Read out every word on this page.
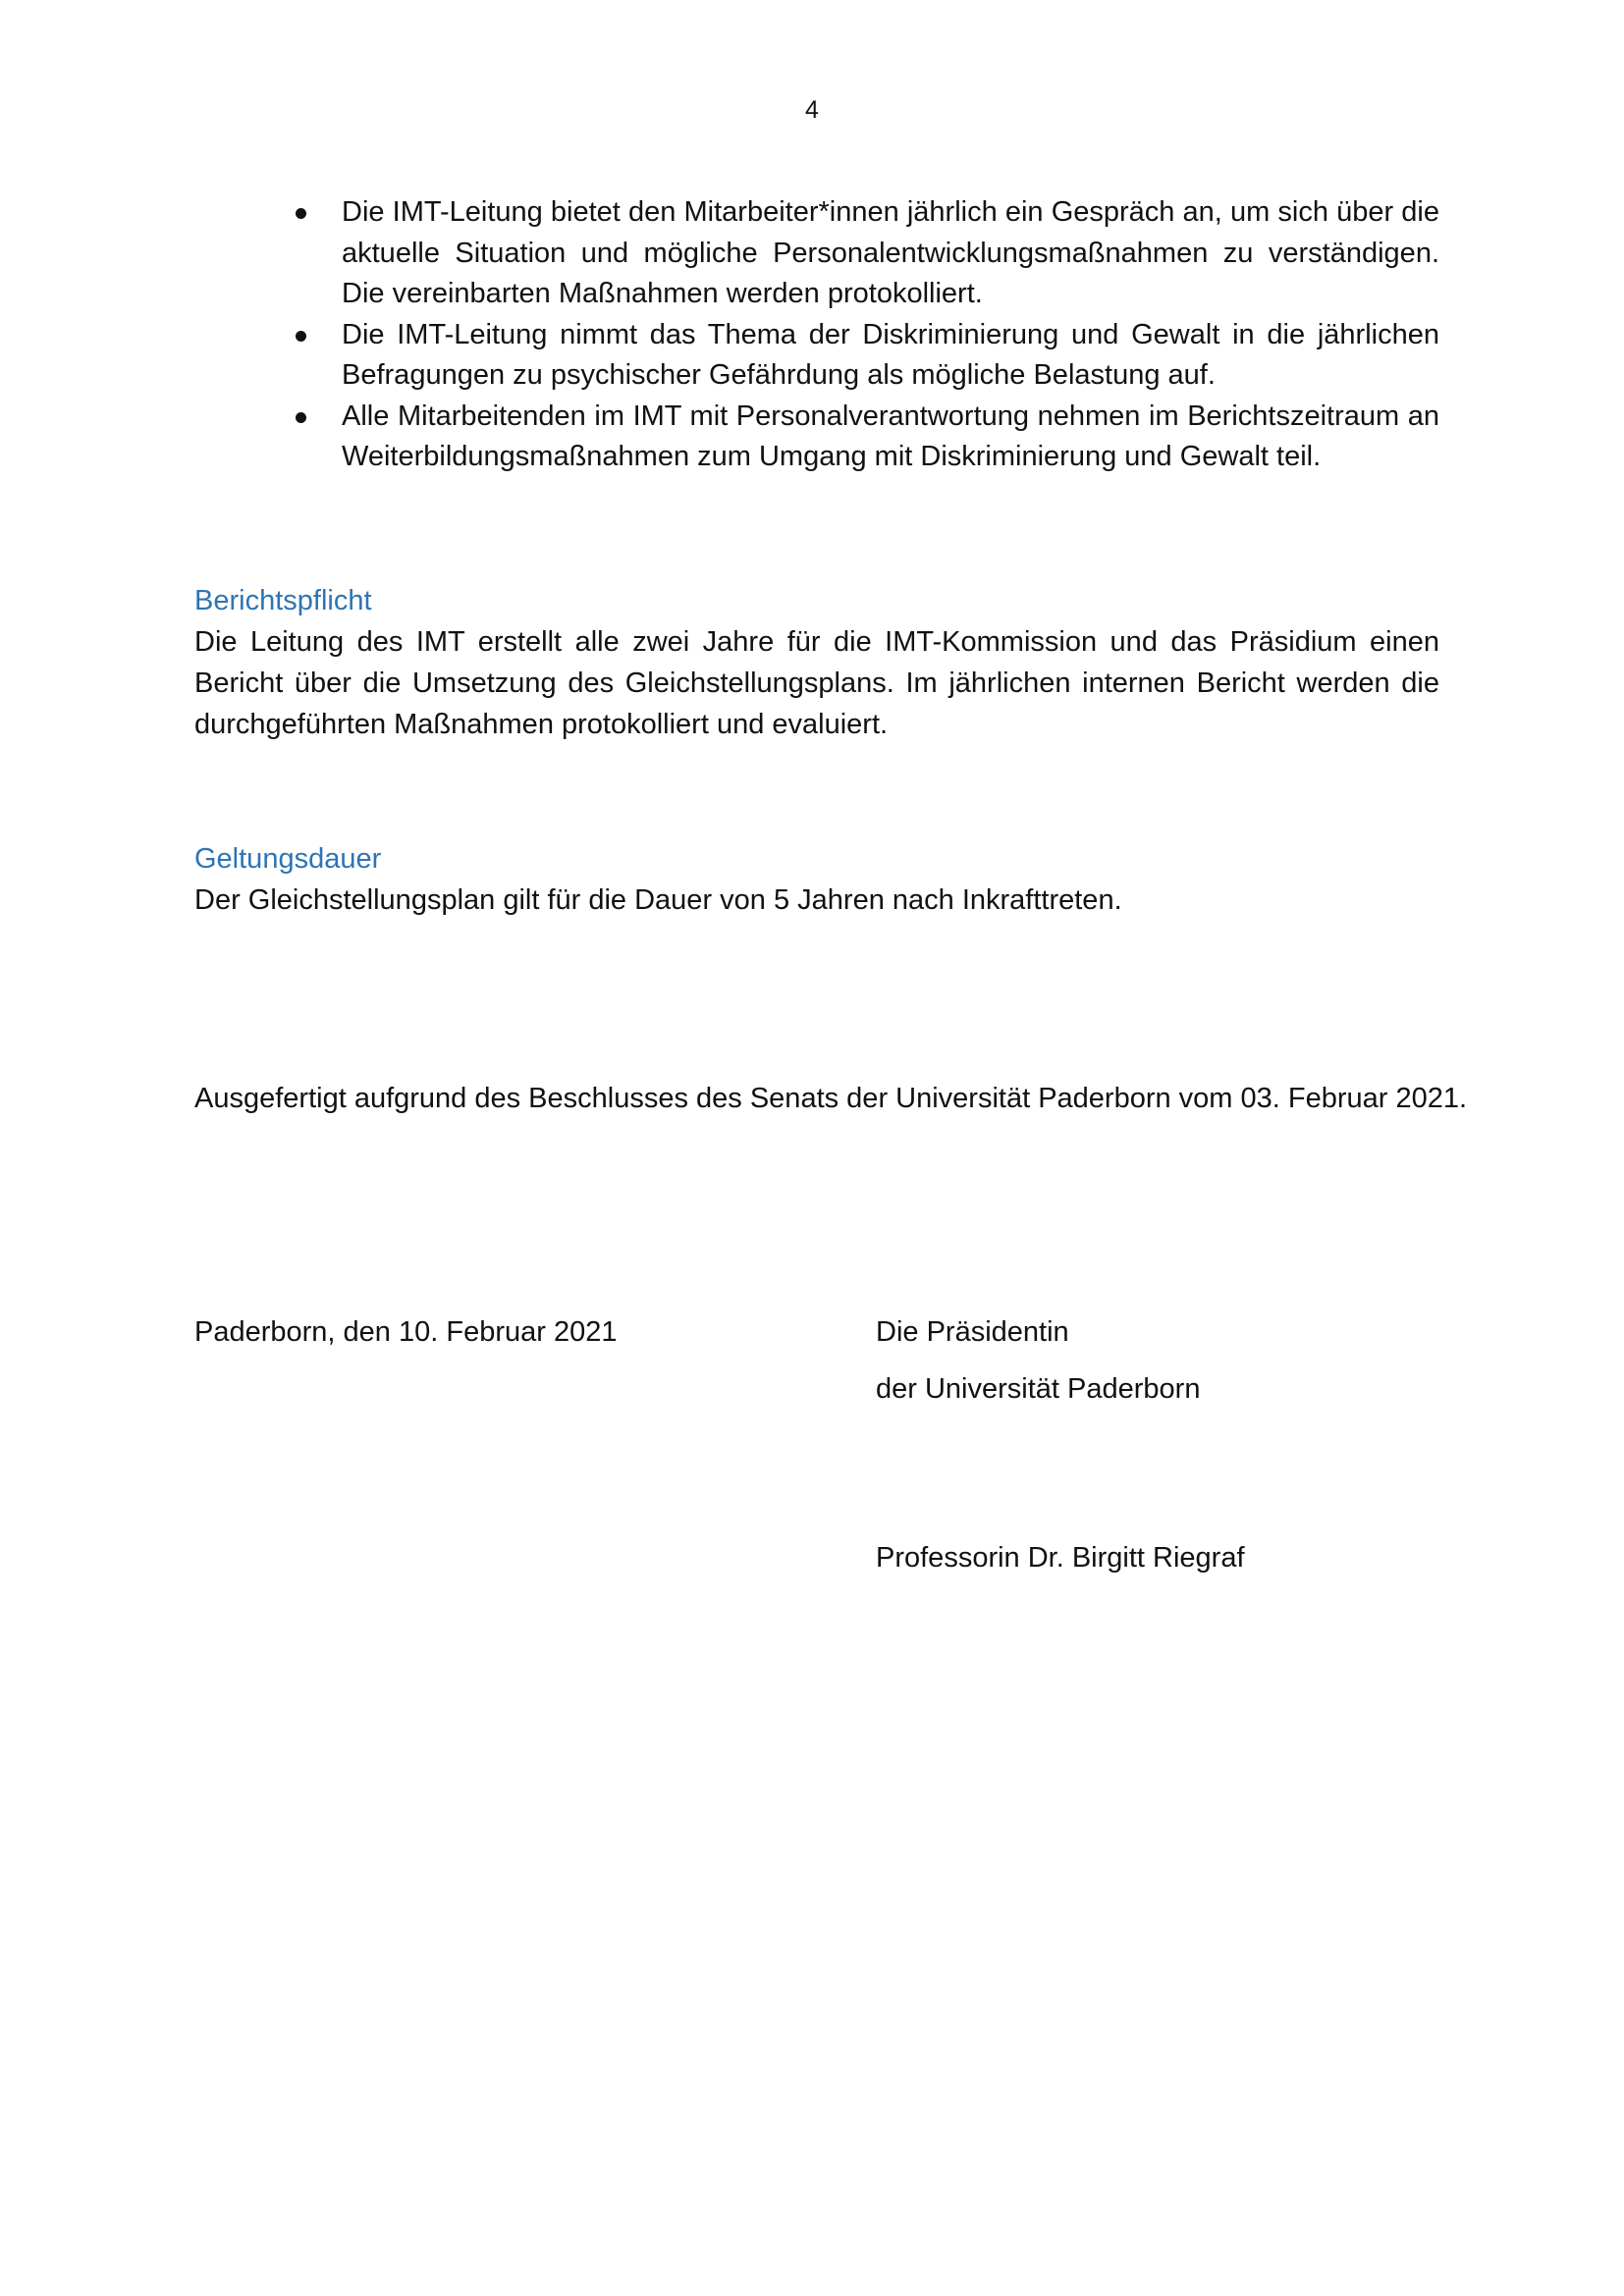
4
Die IMT-Leitung bietet den Mitarbeiter*innen jährlich ein Gespräch an, um sich über die aktuelle Situation und mögliche Personalentwicklungsmaßnahmen zu verständigen. Die vereinbarten Maßnahmen werden protokolliert.
Die IMT-Leitung nimmt das Thema der Diskriminierung und Gewalt in die jährlichen Befragungen zu psychischer Gefährdung als mögliche Belastung auf.
Alle Mitarbeitenden im IMT mit Personalverantwortung nehmen im Berichtszeitraum an Weiterbildungsmaßnahmen zum Umgang mit Diskriminierung und Gewalt teil.
Berichtspflicht
Die Leitung des IMT erstellt alle zwei Jahre für die IMT-Kommission und das Präsidium einen Bericht über die Umsetzung des Gleichstellungsplans. Im jährlichen internen Bericht werden die durchgeführten Maßnahmen protokolliert und evaluiert.
Geltungsdauer
Der Gleichstellungsplan gilt für die Dauer von 5 Jahren nach Inkrafttreten.
Ausgefertigt aufgrund des Beschlusses des Senats der Universität Paderborn vom 03. Februar 2021.
Paderborn, den 10. Februar 2021	Die Präsidentin
der Universität Paderborn
Professorin Dr. Birgitt Riegraf
